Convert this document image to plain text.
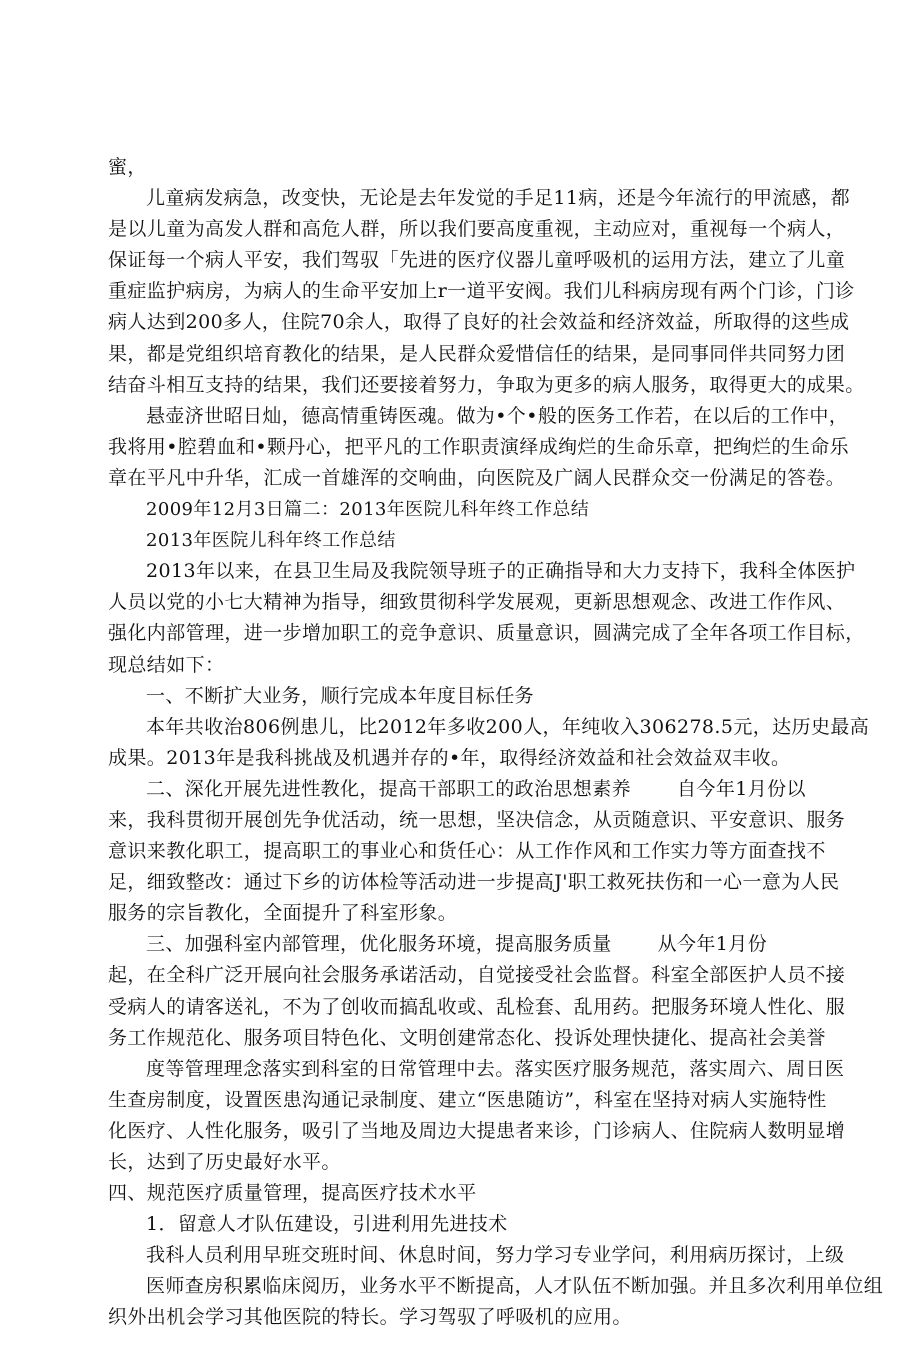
蜜，
儿童病发病急，改变快，无论是去年发觉的手足11病，还是今年流行的甲流感，都
是以儿童为高发人群和高危人群，所以我们要高度重视，主动应对，重视每一个病人，
保证每一个病人平安，我们驾驭「先进的医疗仪器儿童呼吸机的运用方法，建立了儿童
重症监护病房，为病人的生命平安加上r一道平安阀。我们儿科病房现有两个门诊，门诊
病人达到200多人，住院70余人，取得了良好的社会效益和经济效益，所取得的这些成
果，都是党组织培育教化的结果，是人民群众爱惜信任的结果，是同事同伴共同努力团
结奋斗相互支持的结果，我们还要接着努力，争取为更多的病人服务，取得更大的成果。
悬壶济世昭日灿，德高情重铸医魂。做为•个•般的医务工作若，在以后的工作中，
我将用•腔碧血和•颗丹心，把平凡的工作职责演绎成绚烂的生命乐章，把绚烂的生命乐
章在平凡中升华，汇成一首雄浑的交响曲，向医院及广阔人民群众交一份满足的答卷。
2009年12月3日篇二：2013年医院儿科年终工作总结
2013年医院儿科年终工作总结
2013年以来，在县卫生局及我院领导班子的正确指导和大力支持下，我科全体医护
人员以党的小七大精神为指导，细致贯彻科学发展观，更新思想观念、改进工作作风、
强化内部管理，进一步增加职工的竞争意识、质量意识，圆满完成了全年各项工作目标，
现总结如下：
一、不断扩大业务，顺行完成本年度目标任务
本年共收治806例患儿，比2012年多收200人，年纯收入306278.5元，达历史最高
成果。2013年是我科挑战及机遇并存的•年，取得经济效益和社会效益双丰收。
二、深化开展先进性教化，提高干部职工的政治思想素养 自今年1月份以
来，我科贯彻开展创先争优活动，统一思想，坚决信念，从贡随意识、平安意识、服务
意识来教化职工，提高职工的事业心和货任心：从工作作风和工作实力等方面查找不
足，细致整改：通过下乡的访体检等活动进一步提高J'职工救死扶伤和一心一意为人民
服务的宗旨教化，全面提升了科室形象。
三、加强科室内部管理，优化服务环境，提高服务质量 从今年1月份
起，在全科广泛开展向社会服务承诺活动，自觉接受社会监督。科室全部医护人员不接
受病人的请客送礼，不为了创收而搞乱收或、乱检套、乱用药。把服务环境人性化、服
务工作规范化、服务项目特色化、文明创建常态化、投诉处理快捷化、提高社会美誉
度等管理理念落实到科室的日常管理中去。落实医疗服务规范，落实周六、周日医
生查房制度，设置医患沟通记录制度、建立“医患随访”，科室在坚持对病人实施特性
化医疗、人性化服务，吸引了当地及周边大提患者来诊，门诊病人、住院病人数明显增
长，达到了历史最好水平。
四、规范医疗质量管理，提高医疗技术水平
1．留意人才队伍建设，引进利用先进技术
我科人员利用早班交班时间、休息时间，努力学习专业学问，利用病历探讨，上级
医师查房积累临床阅历，业务水平不断提高，人才队伍不断加强。并且多次利用单位组
织外出机会学习其他医院的特长。学习驾驭了呼吸机的应用。
